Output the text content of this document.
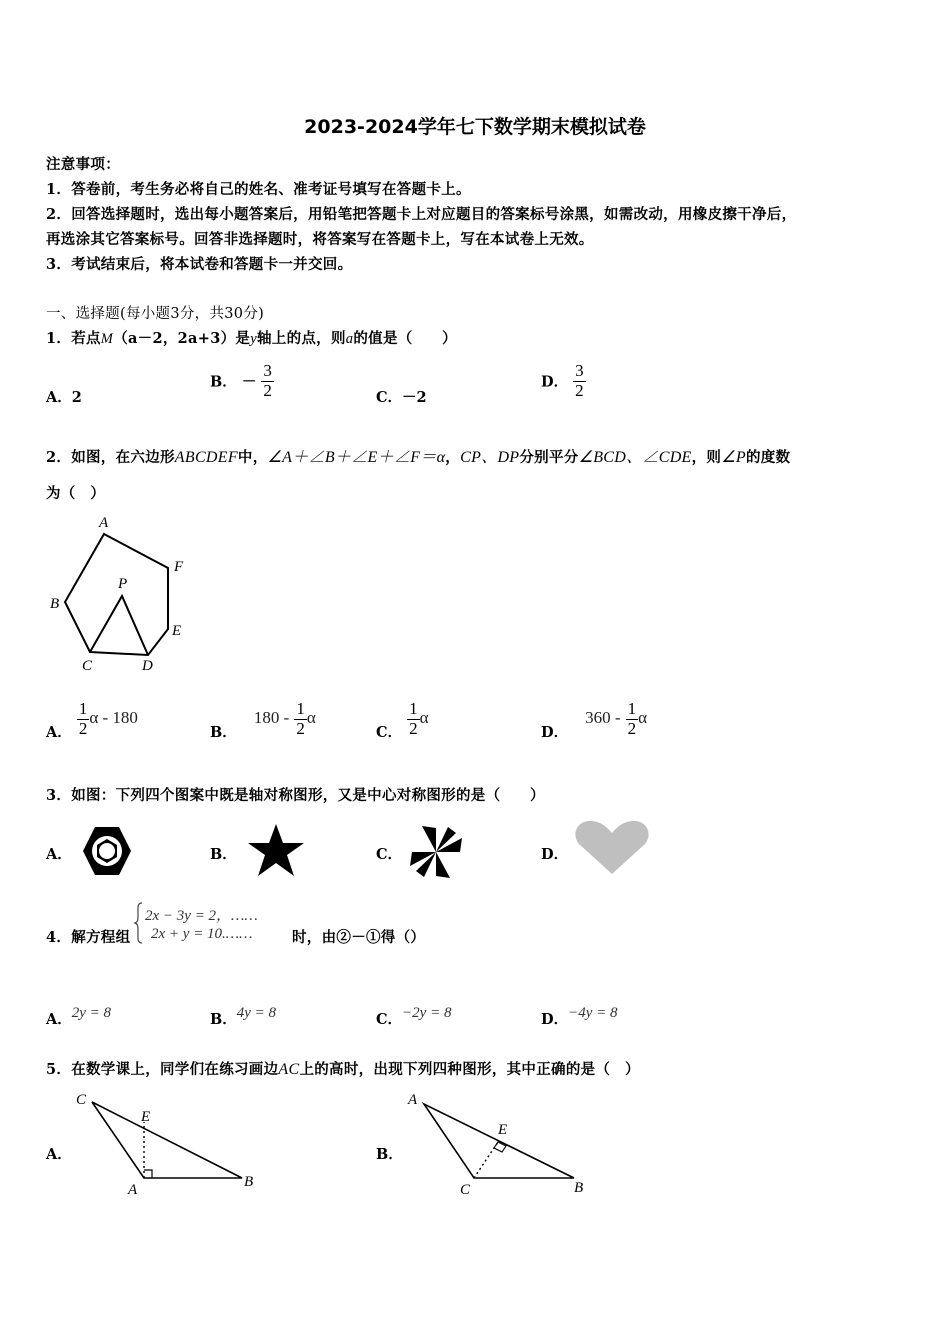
2023-2024学年七下数学期末模拟试卷
注意事项：
1．答卷前，考生务必将自己的姓名、准考证号填写在答题卡上。
2．回答选择题时，选出每小题答案后，用铅笔把答题卡上对应题目的答案标号涂黑，如需改动，用橡皮擦干净后，
再选涂其它答案标号。回答非选择题时，将答案写在答题卡上，写在本试卷上无效。
3．考试结束后，将本试卷和答题卡一并交回。
一、选择题(每小题3分，共30分)
1．若点M（a－2，2a+3）是y轴上的点，则a的值是（　　）
A．2
B． － $\frac{3}{2}$	C．－2
D． $\frac{3}{2}$
2．如图，在六边形ABCDEF中，∠A＋∠B＋∠E＋∠F＝α，CP、DP分别平分∠BCD、∠CDE，则∠P的度数
为（　）
A
F
B
P
E
C	D
A． $\frac{1}{2}$ α - 180
B． $180 - \frac{1}{2}$ α
C． $\frac{1}{2}$ α
D． $360 - \frac{1}{2}$ α
3．如图：下列四个图案中既是轴对称图形，又是中心对称图形的是（　　）
A．	B．	C．	D．
4．解方程组
2x − 3y = 2，……
2x + y = 10.……	时，由②－①得（）
A．2y = 8	B．4y = 8	C．−2y = 8	D．−4y = 8
5．在数学课上，同学们在练习画边AC上的高时，出现下列四种图形，其中正确的是（　）
A．
C
E
A	B
B．
A
E
C	B
